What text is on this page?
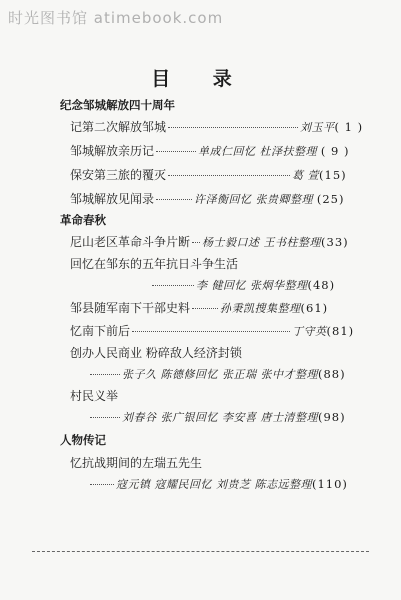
时光图书馆 atimebook.com
目 录
纪念邹城解放四十周年
记第二次解放邹城	刘玉平( 1 )
邹城解放亲历记	单成仁回忆 杜泽扶整理 ( 9 )
保安第三旅的覆灭	葛 萱(15)
邹城解放见闻录	许泽衡回忆 张贵卿整理 (25)
革命春秋
尼山老区革命斗争片断 杨士毅口述 王书柱整理(33)
回忆在邹东的五年抗日斗争生活
李 健回忆 张炯华整理(48)
邹县随军南下干部史料	孙秉凯搜集整理(61)
忆南下前后	丁守英(81)
创办人民商业 粉碎敌人经济封锁
张子久 陈德修回忆 张正瑞 张中才整理(88)
村民义举
刘春谷 张广银回忆 李安喜 唐士清整理(98)
人物传记
忆抗战期间的左瑞五先生
寇元镇 寇耀民回忆 刘贵芝 陈志远整理(110)
